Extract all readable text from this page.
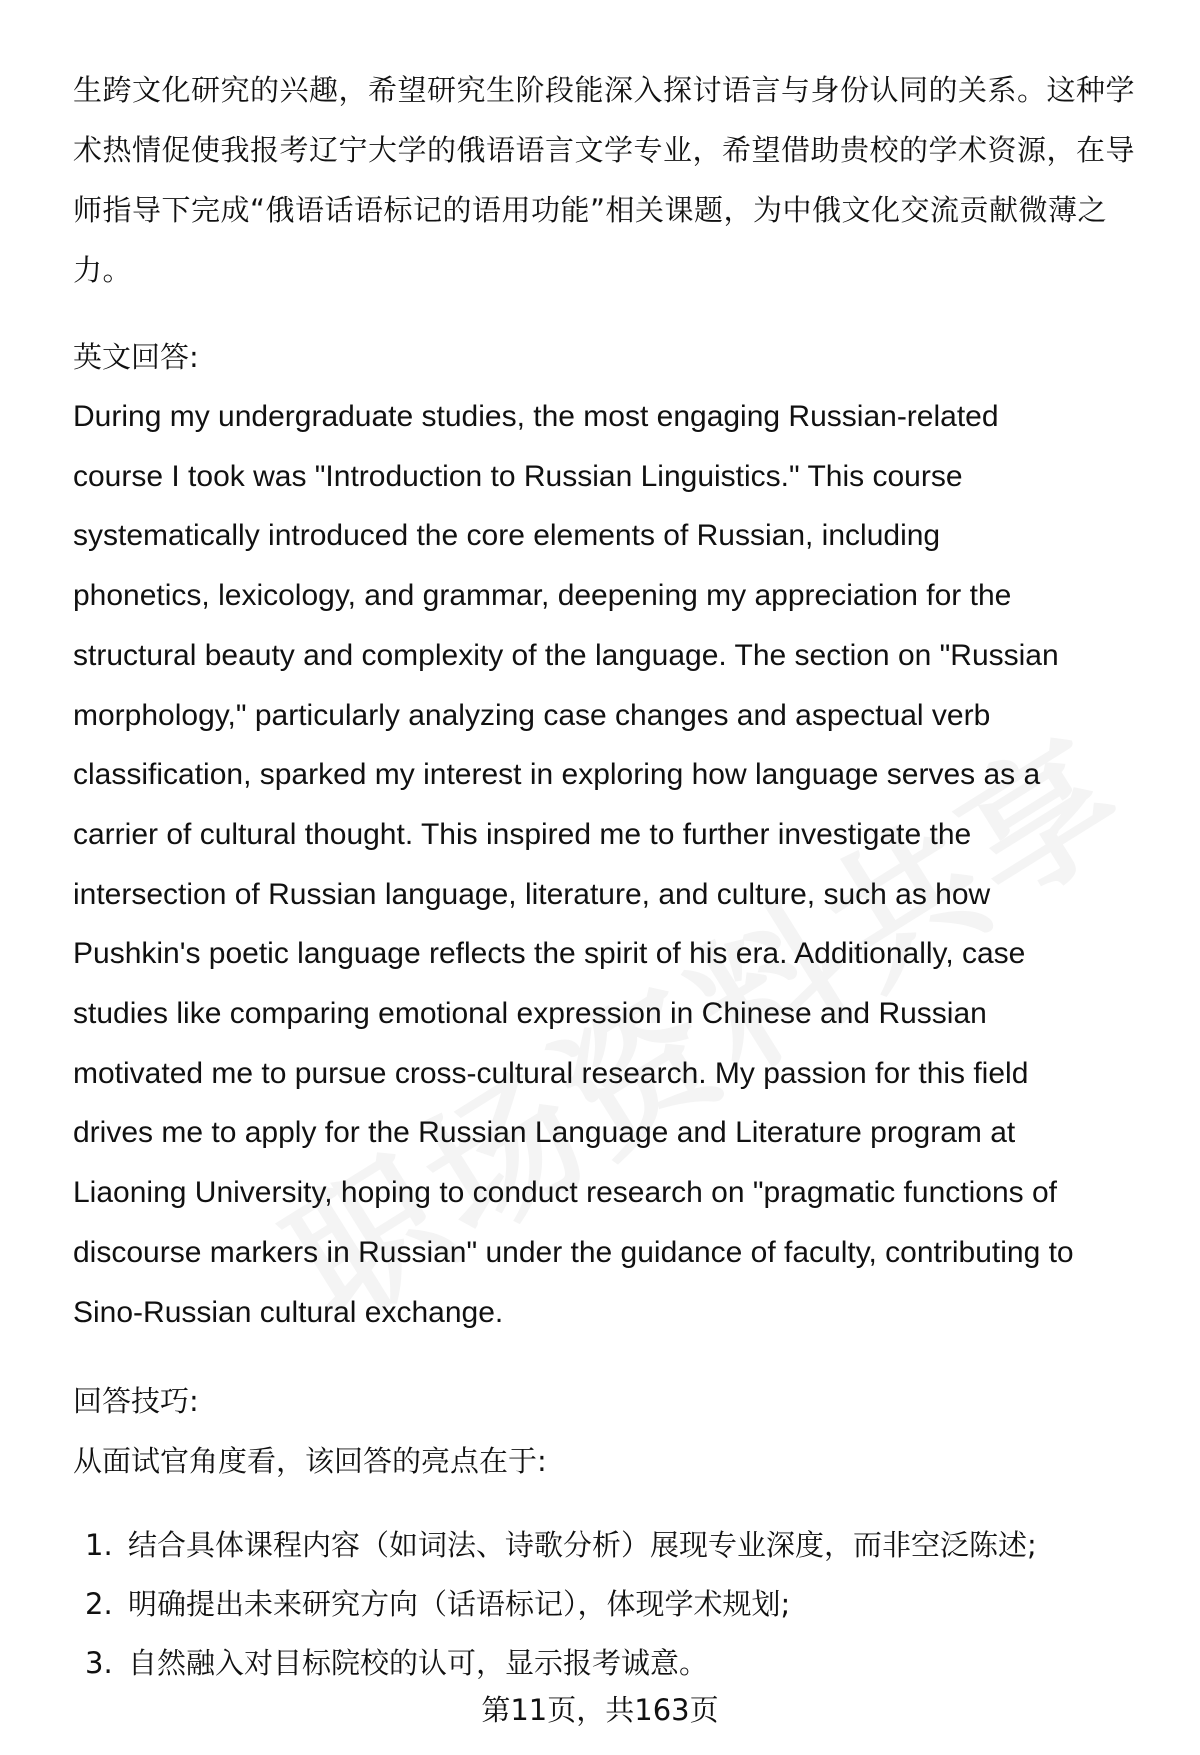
生跨文化研究的兴趣，希望研究生阶段能深入探讨语言与身份认同的关系。这种学
术热情促使我报考辽宁大学的俄语语言文学专业，希望借助贵校的学术资源，在导
师指导下完成“俄语话语标记的语用功能”相关课题，为中俄文化交流贡献微薄之
力。
英文回答:
During my undergraduate studies, the most engaging Russian-related
course I took was "Introduction to Russian Linguistics." This course
systematically introduced the core elements of Russian, including
phonetics, lexicology, and grammar, deepening my appreciation for the
structural beauty and complexity of the language. The section on "Russian
morphology," particularly analyzing case changes and aspectual verb
classification, sparked my interest in exploring how language serves as a
carrier of cultural thought. This inspired me to further investigate the
intersection of Russian language, literature, and culture, such as how
Pushkin's poetic language reflects the spirit of his era. Additionally, case
studies like comparing emotional expression in Chinese and Russian
motivated me to pursue cross-cultural research. My passion for this field
drives me to apply for the Russian Language and Literature program at
Liaoning University, hoping to conduct research on "pragmatic functions of
discourse markers in Russian" under the guidance of faculty, contributing to
Sino-Russian cultural exchange.
回答技巧:
从面试官角度看，该回答的亮点在于:
1. 结合具体课程内容（如词法、诗歌分析）展现专业深度，而非空泛陈述;
2. 明确提出未来研究方向（话语标记），体现学术规划;
3. 自然融入对目标院校的认可，显示报考诚意。
第11页，共163页
